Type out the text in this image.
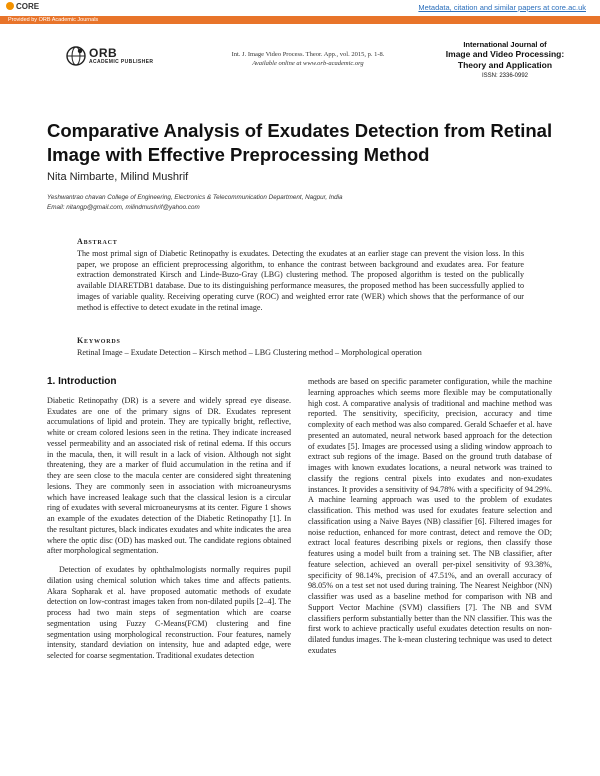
CORE	Metadata, citation and similar papers at core.ac.uk
Provided by ORB Academic Journals
ORB
ACADEMIC PUBLISHER
Int. J. Image Video Process. Theor. App., vol. 2015, p. 1-8.
Available online at www.orb-academic.org
International Journal of
Image and Video Processing:
Theory and Application
ISSN: 2336-0992
Comparative Analysis of Exudates Detection from Retinal Image with Effective Preprocessing Method
Nita Nimbarte, Milind Mushrif
Yeshwantrao chavan College of Engineering, Electronics & Telecommunication Department, Nagpur, India
Email: nitangp@gmail.com, milindmushrif@yahoo.com
Abstract
The most primal sign of Diabetic Retinopathy is exudates. Detecting the exudates at an earlier stage can prevent the vision loss. In this paper, we propose an efficient preprocessing algorithm, to enhance the contrast between background and exudates area. For feature extraction demonstrated Kirsch and Linde-Buzo-Gray (LBG) clustering method. The proposed algorithm is tested on the publically available DIARETDB1 database. Due to its distinguishing performance measures, the proposed method has been successfully applied to images of variable quality. Receiving operating curve (ROC) and weighted error rate (WER) which shows that the performance of our method is effective to detect exudate in the retinal image.
Keywords
Retinal Image – Exudate Detection – Kirsch method – LBG Clustering method – Morphological operation
1. Introduction

Diabetic Retinopathy (DR) is a severe and widely spread eye disease. Exudates are one of the primary signs of DR. Exudates represent accumulations of lipid and protein. They are typically bright, reflective, white or cream colored lesions seen in the retina. They indicate increased vessel permeability and an associated risk of retinal edema. If this occurs in the macula, then, it will result in a lack of vision. Although not sight threatening, they are a marker of fluid accumulation in the retina and if they are seen close to the macula center are considered sight threatening lesions. They are commonly seen in association with microaneurysms which have increased leakage such that the classical lesion is a circular ring of exudates with several microaneurysms at its center. Figure 1 shows an example of the exudates detection of the Diabetic Retinopathy [1]. In the resultant pictures, black indicates exudates and white indicates the area where the optic disc (OD) has masked out. The candidate regions obtained after morphological segmentation.

Detection of exudates by ophthalmologists normally requires pupil dilation using chemical solution which takes time and affects patients. Akara Sopharak et al. have proposed automatic methods of exudate detection on low-contrast images taken from non-dilated pupils [2–4]. The process had two main steps of segmentation which are coarse segmentation using Fuzzy C-Means(FCM) clustering and fine segmentation using morphological reconstruction. Four features, namely intensity, standard deviation on intensity, hue and adapted edge, were selected for coarse segmentation. Traditional exudates detection

methods are based on specific parameter configuration, while the machine learning approaches which seems more flexible may be computationally high cost. A comparative analysis of traditional and machine method was reported. The sensitivity, specificity, precision, accuracy and time complexity of each method was also compared. Gerald Schaefer et al. have presented an automated, neural network based approach for the detection of exudates [5]. Images are processed using a sliding window approach to extract sub regions of the image. Based on the ground truth database of images with known exudates locations, a neural network was trained to classify the regions central pixels into exudates and non-exudates instances. It provides a sensitivity of 94.78% with a specificity of 94.29%. A machine learning approach was used to the problem of exudates classification. This method was used for exudates feature selection and classification using a Naive Bayes (NB) classifier [6]. Filtered images for noise reduction, enhanced for more contrast, detect and remove the OD; extract local features describing pixels or regions, then classify those features using a model built from a training set. The NB classifier, after feature selection, achieved an overall per-pixel sensitivity of 93.38%, specificity of 98.14%, precision of 47.51%, and an overall accuracy of 98.05% on a test set not used during training. The Nearest Neighbor (NN) classifier was used as a baseline method for comparison with NB and Support Vector Machine (SVM) classifiers [7]. The NB and SVM classifiers perform substantially better than the NN classifier. This was the first work to achieve practically useful exudates detection results on non-dilated fundus images. The k-mean clustering technique was used to detect exudates
